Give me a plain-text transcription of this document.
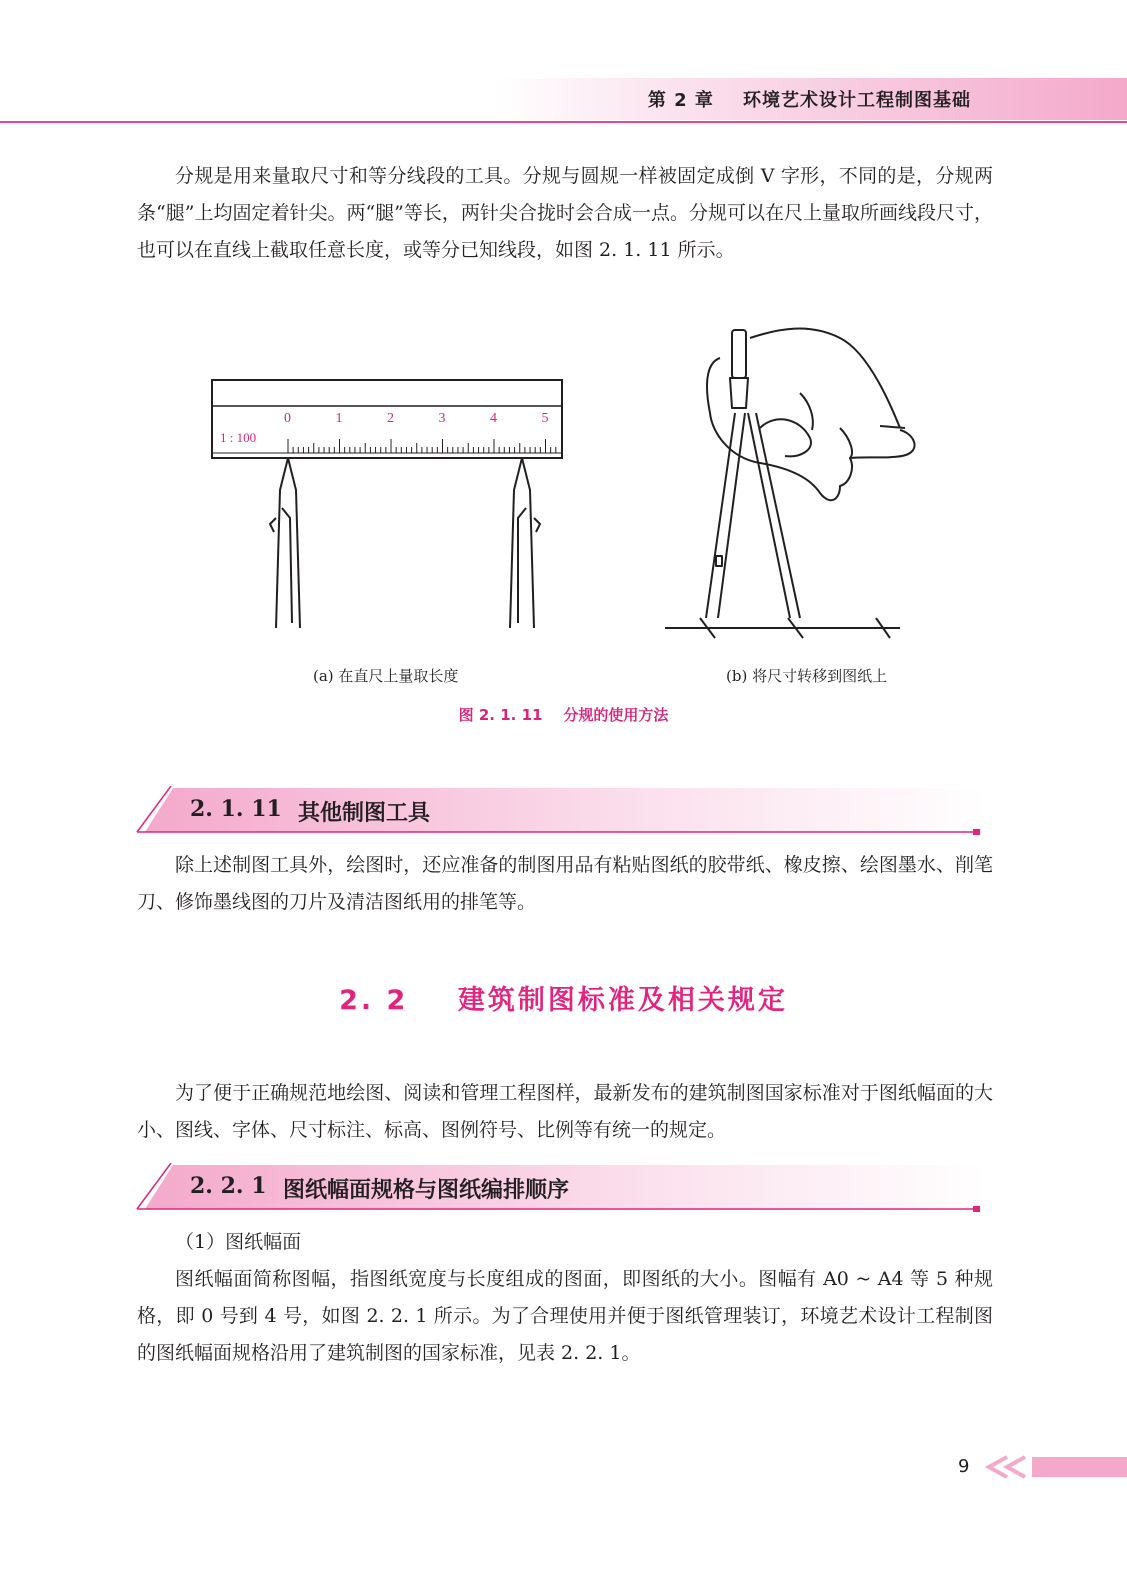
第 2 章    环境艺术设计工程制图基础

分规是用来量取尺寸和等分线段的工具。分规与圆规一样被固定成倒 V 字形，不同的是，分规两条“腿”上均固定着针尖。两“腿”等长，两针尖合拢时会合成一点。分规可以在尺上量取所画线段尺寸，也可以在直线上截取任意长度，或等分已知线段，如图 2. 1. 11 所示。

1 : 100
0	1	2	3	4	5
(a) 在直尺上量取长度	(b) 将尺寸转移到图纸上
图 2. 1. 11    分规的使用方法
2. 1. 11 其他制图工具

除上述制图工具外，绘图时，还应准备的制图用品有粘贴图纸的胶带纸、橡皮擦、绘图墨水、削笔刀、修饰墨线图的刀片及清洁图纸用的排笔等。

2. 2    建筑制图标准及相关规定

为了便于正确规范地绘图、阅读和管理工程图样，最新发布的建筑制图国家标准对于图纸幅面的大小、图线、字体、尺寸标注、标高、图例符号、比例等有统一的规定。

2. 2. 1 图纸幅面规格与图纸编排顺序

（1）图纸幅面

图纸幅面简称图幅，指图纸宽度与长度组成的图面，即图纸的大小。图幅有 A0 ~ A4 等 5 种规格，即 0 号到 4 号，如图 2. 2. 1 所示。为了合理使用并便于图纸管理装订，环境艺术设计工程制图的图纸幅面规格沿用了建筑制图的国家标准，见表 2. 2. 1。

9
